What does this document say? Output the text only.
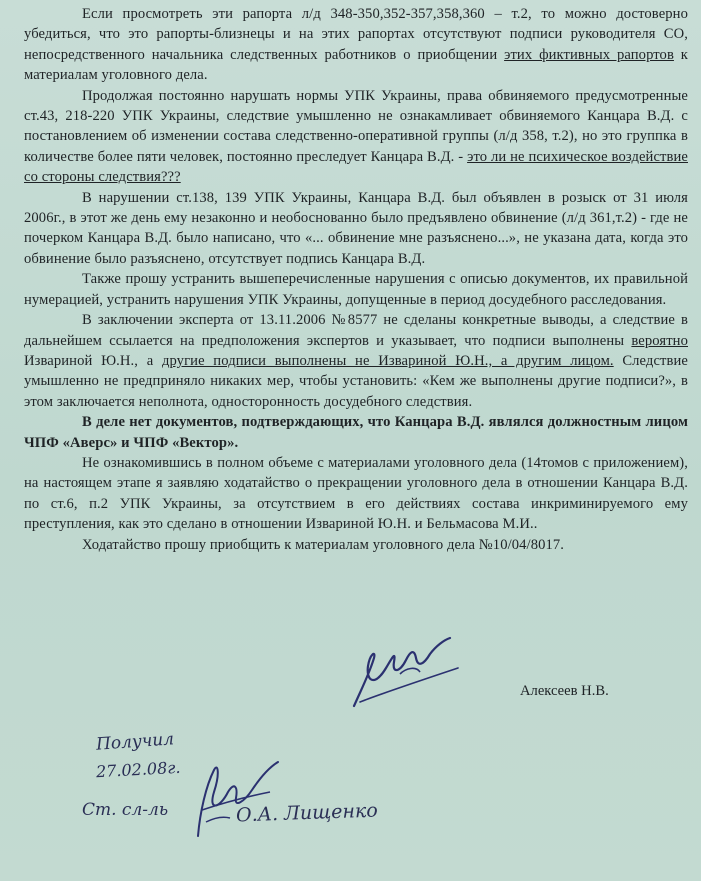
Если просмотреть эти рапорта л/д 348-350,352-357,358,360 – т.2, то можно достоверно убедиться, что это рапорты-близнецы и на этих рапортах отсутствуют подписи руководителя СО, непосредственного начальника следственных работников о приобщении этих фиктивных рапортов к материалам уголовного дела.

Продолжая постоянно нарушать нормы УПК Украины, права обвиняемого предусмотренные ст.43, 218-220 УПК Украины, следствие умышленно не ознакамливает обвиняемого Канцара В.Д. с постановлением об изменении состава следственно-оперативной группы (л/д 358, т.2), но это группка в количестве более пяти человек, постоянно преследует Канцара В.Д. - это ли не психическое воздействие со стороны следствия???

В нарушении ст.138, 139 УПК Украины, Канцара В.Д. был объявлен в розыск от 31 июля 2006г., в этот же день ему незаконно и необоснованно было предъявлено обвинение (л/д 361,т.2) - где не почерком Канцара В.Д. было написано, что «... обвинение мне разъяснено...», не указана дата, когда это обвинение было разъяснено, отсутствует подпись Канцара В.Д.

Также прошу устранить вышеперечисленные нарушения с описью документов, их правильной нумерацией, устранить нарушения УПК Украины, допущенные в период досудебного расследования.

В заключении эксперта от 13.11.2006 №8577 не сделаны конкретные выводы, а следствие в дальнейшем ссылается на предположения экспертов и указывает, что подписи выполнены вероятно Извариной Ю.Н., а другие подписи выполнены не Извариной Ю.Н., а другим лицом. Следствие умышленно не предприняло никаких мер, чтобы установить: «Кем же выполнены другие подписи?», в этом заключается неполнота, односторонность досудебного следствия.

В деле нет документов, подтверждающих, что Канцара В.Д. являлся должностным лицом ЧПФ «Аверс» и ЧПФ «Вектор».

Не ознакомившись в полном объеме с материалами уголовного дела (14томов с приложением), на настоящем этапе я заявляю ходатайство о прекращении уголовного дела в отношении Канцара В.Д. по ст.6, п.2 УПК Украины, за отсутствием в его действиях состава инкриминируемого ему преступления, как это сделано в отношении Извариной Ю.Н. и Бельмасова М.И..

Ходатайство прошу приобщить к материалам уголовного дела №10/04/8017.

Алексеев Н.В.
Получил
27.02.08г.
Ст. сл-ль	О.А. Лищенко
